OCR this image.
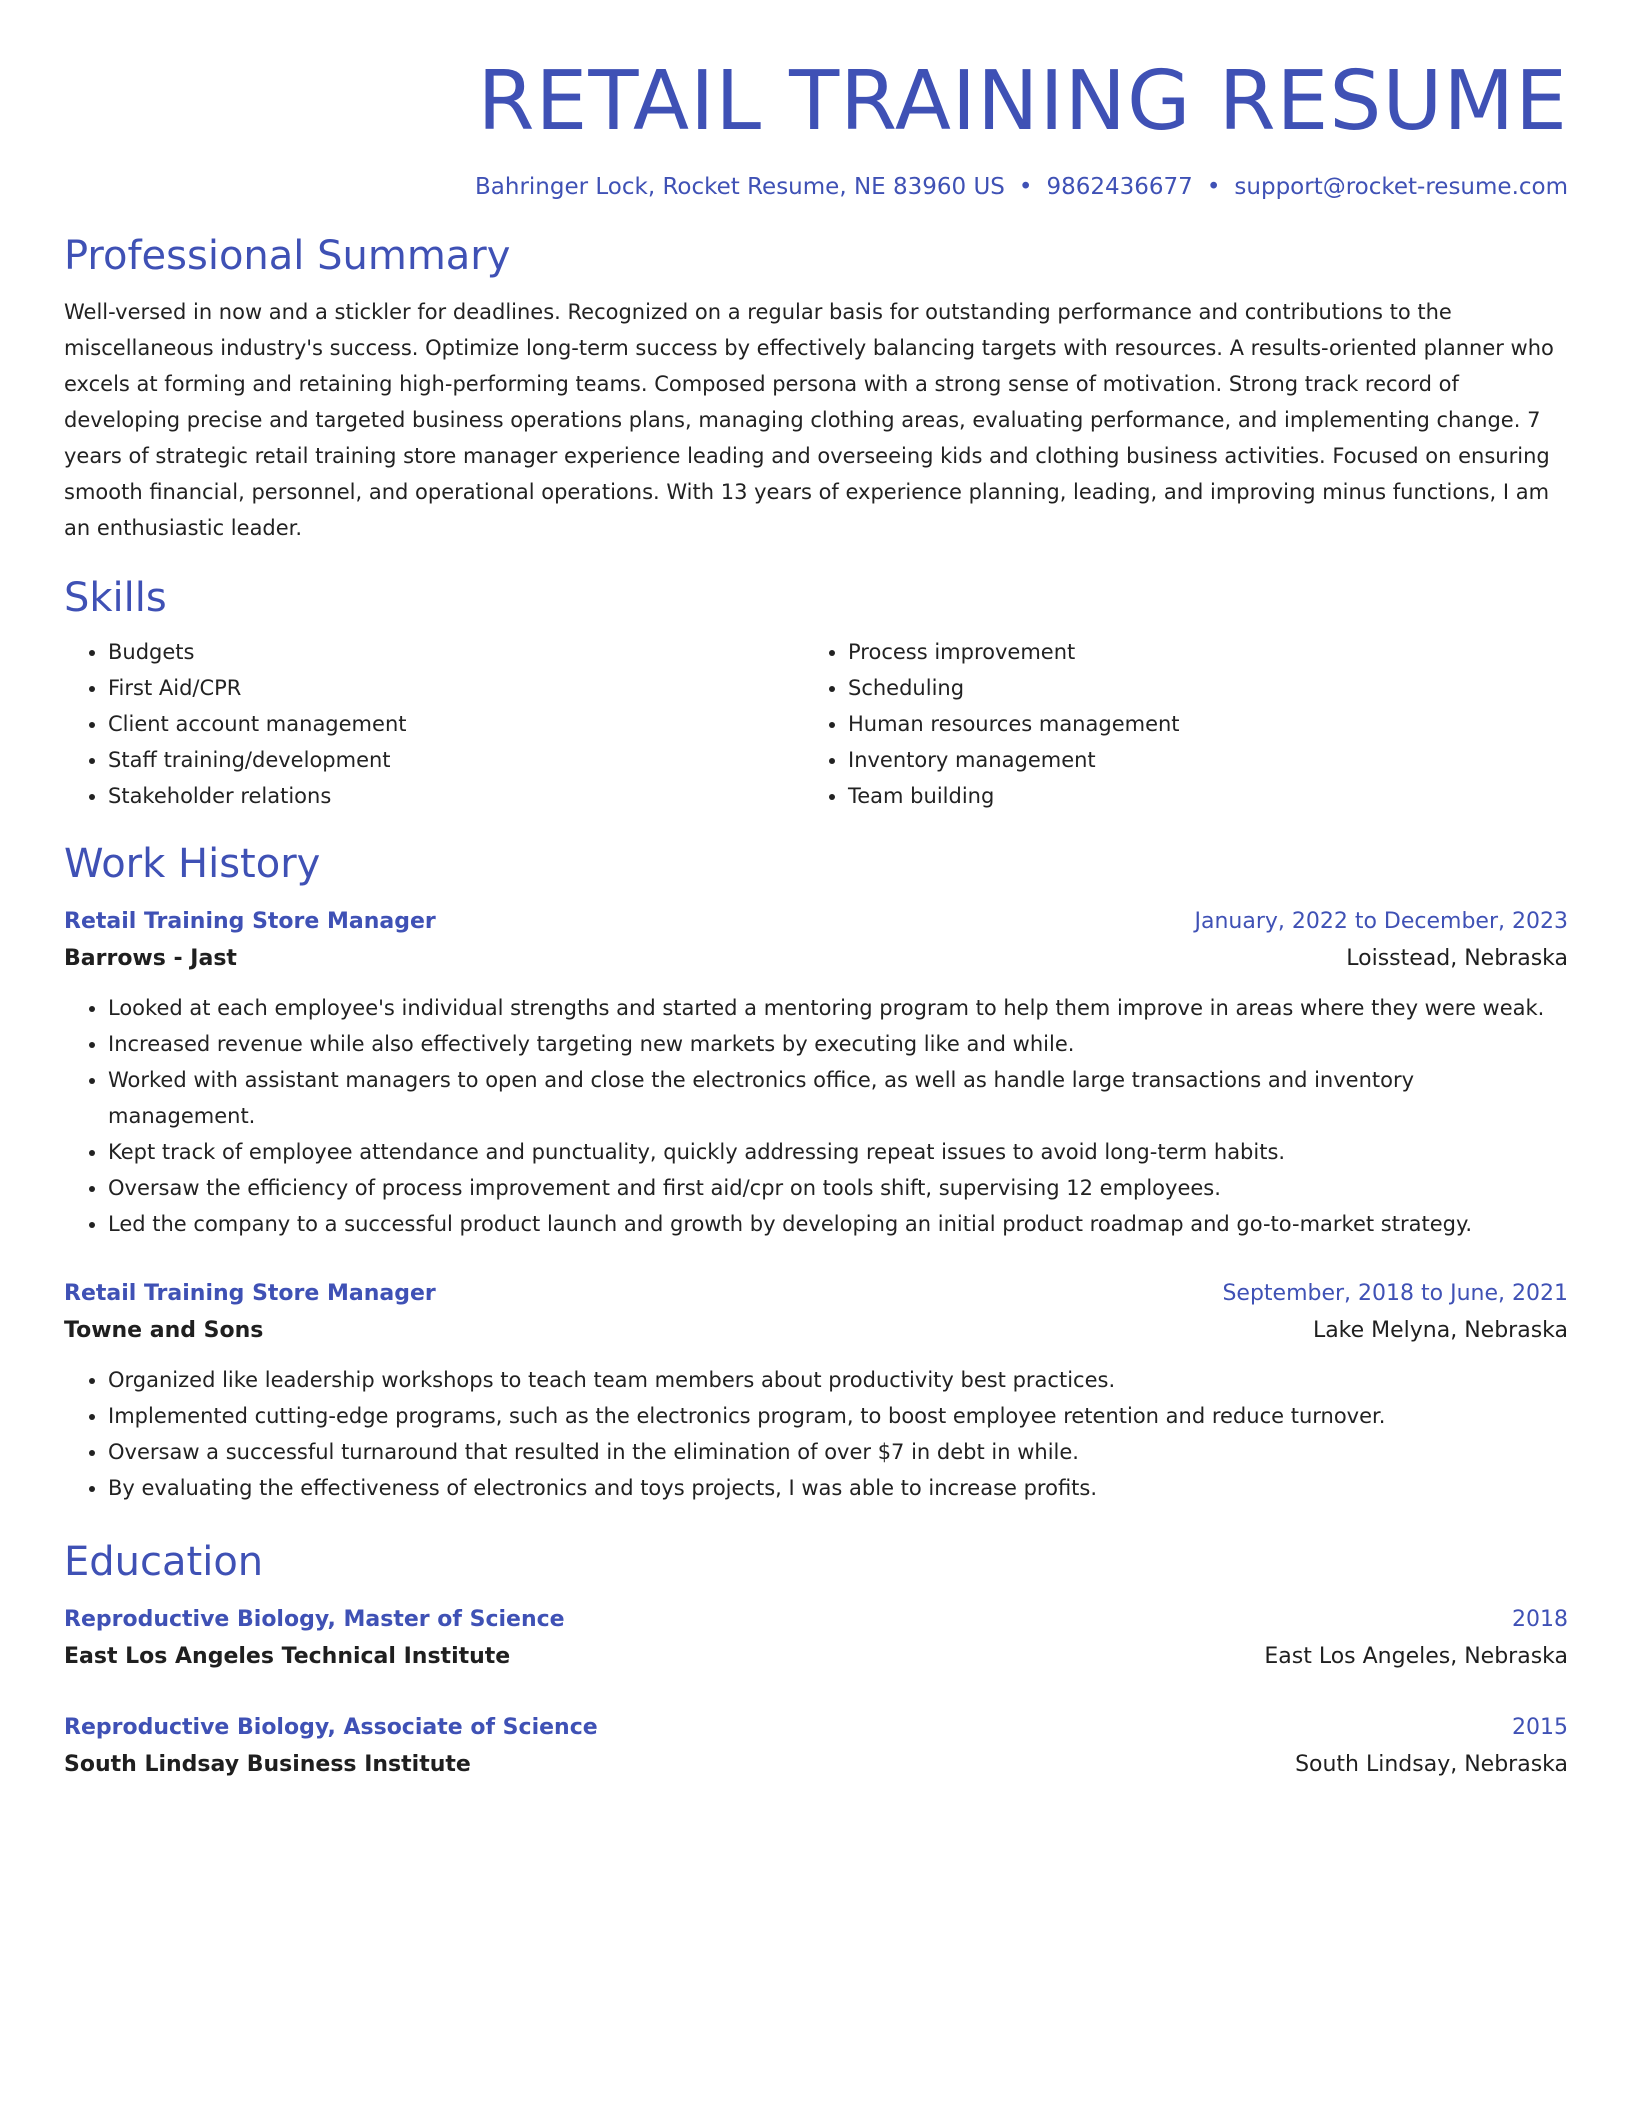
RETAIL TRAINING RESUME
Bahringer Lock, Rocket Resume, NE 83960 US • 9862436677 • support@rocket-resume.com
Professional Summary
Well-versed in now and a stickler for deadlines. Recognized on a regular basis for outstanding performance and contributions to the miscellaneous industry's success. Optimize long-term success by effectively balancing targets with resources. A results-oriented planner who excels at forming and retaining high-performing teams. Composed persona with a strong sense of motivation. Strong track record of developing precise and targeted business operations plans, managing clothing areas, evaluating performance, and implementing change. 7 years of strategic retail training store manager experience leading and overseeing kids and clothing business activities. Focused on ensuring smooth financial, personnel, and operational operations. With 13 years of experience planning, leading, and improving minus functions, I am an enthusiastic leader.
Skills
• Budgets
• First Aid/CPR
• Client account management
• Staff training/development
• Stakeholder relations
• Process improvement
• Scheduling
• Human resources management
• Inventory management
• Team building
Work History
Retail Training Store Manager	January, 2022 to December, 2023
Barrows - Jast	Loisstead, Nebraska
• Looked at each employee's individual strengths and started a mentoring program to help them improve in areas where they were weak.
• Increased revenue while also effectively targeting new markets by executing like and while.
• Worked with assistant managers to open and close the electronics office, as well as handle large transactions and inventory management.
• Kept track of employee attendance and punctuality, quickly addressing repeat issues to avoid long-term habits.
• Oversaw the efficiency of process improvement and first aid/cpr on tools shift, supervising 12 employees.
• Led the company to a successful product launch and growth by developing an initial product roadmap and go-to-market strategy.
Retail Training Store Manager	September, 2018 to June, 2021
Towne and Sons	Lake Melyna, Nebraska
• Organized like leadership workshops to teach team members about productivity best practices.
• Implemented cutting-edge programs, such as the electronics program, to boost employee retention and reduce turnover.
• Oversaw a successful turnaround that resulted in the elimination of over $7 in debt in while.
• By evaluating the effectiveness of electronics and toys projects, I was able to increase profits.
Education
Reproductive Biology, Master of Science	2018
East Los Angeles Technical Institute	East Los Angeles, Nebraska
Reproductive Biology, Associate of Science	2015
South Lindsay Business Institute	South Lindsay, Nebraska
